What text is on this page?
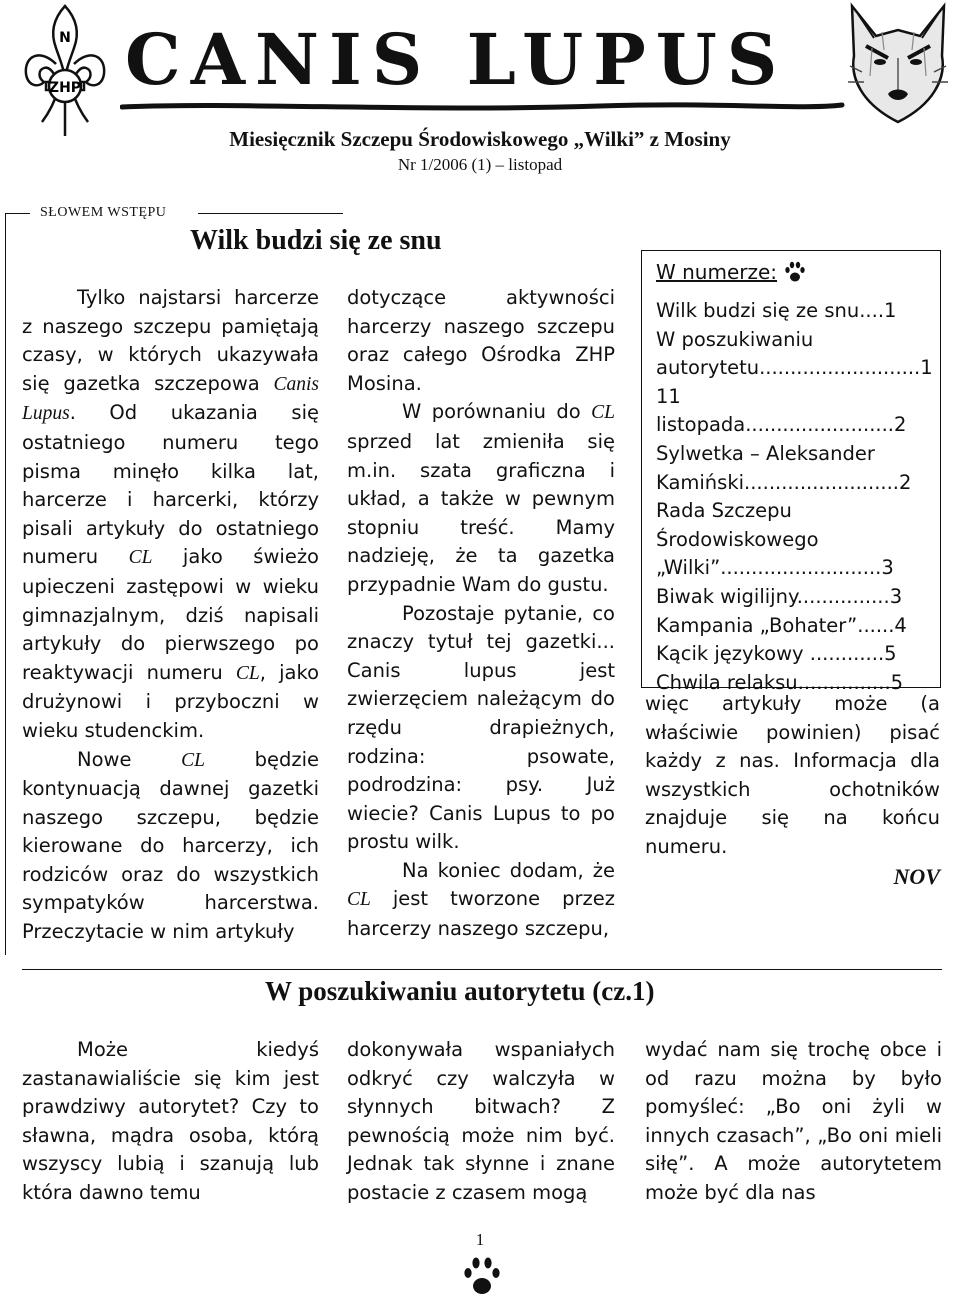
N
ZHP CANIS LUPUS
Miesięcznik Szczepu Środowiskowego „Wilki” z Mosiny
Nr 1/2006 (1) – listopad
SŁOWEM WSTĘPU
Wilk budzi się ze snu

Tylko najstarsi harcerze z naszego szczepu pamiętają czasy, w których ukazywała się gazetka szczepowa Canis Lupus. Od ukazania się ostatniego numeru tego pisma minęło kilka lat, harcerze i harcerki, którzy pisali artykuły do ostatniego numeru CL jako świeżo upieczeni zastępowi w wieku gimnazjalnym, dziś napisali artykuły do pierwszego po reaktywacji numeru CL, jako drużynowi i przyboczni w wieku studenckim.

Nowe CL będzie kontynuacją dawnej gazetki naszego szczepu, będzie kierowane do harcerzy, ich rodziców oraz do wszystkich sympatyków harcerstwa. Przeczytacie w nim artykuły

dotyczące aktywności harcerzy naszego szczepu oraz całego Ośrodka ZHP Mosina.

W porównaniu do CL sprzed lat zmieniła się m.in. szata graficzna i układ, a także w pewnym stopniu treść. Mamy nadzieję, że ta gazetka przypadnie Wam do gustu.

Pozostaje pytanie, co znaczy tytuł tej gazetki... Canis lupus jest zwierzęciem należącym do rzędu drapieżnych, rodzina: psowate, podrodzina: psy. Już wiecie? Canis Lupus to po prostu wilk.

Na koniec dodam, że CL jest tworzone przez harcerzy naszego szczepu,

W numerze:
Wilk budzi się ze snu....1
W poszukiwaniu autorytetu..........................1
11 listopada........................2
Sylwetka – Aleksander Kamiński.........................2
Rada Szczepu Środowiskowego „Wilki”..........................3
Biwak wigilijny...............3
Kampania „Bohater”......4
Kącik językowy ............5
Chwila relaksu...............5

więc artykuły może (a właściwie powinien) pisać każdy z nas. Informacja dla wszystkich ochotników znajduje się na końcu numeru.

NOV
W poszukiwaniu autorytetu (cz.1)

Może kiedyś zastanawialiście się kim jest prawdziwy autorytet? Czy to sławna, mądra osoba, którą wszyscy lubią i szanują lub która dawno temu

dokonywała wspaniałych odkryć czy walczyła w słynnych bitwach? Z pewnością może nim być. Jednak tak słynne i znane postacie z czasem mogą

wydać nam się trochę obce i od razu można by było pomyśleć: „Bo oni żyli w innych czasach”, „Bo oni mieli siłę”. A może autorytetem może być dla nas

1
